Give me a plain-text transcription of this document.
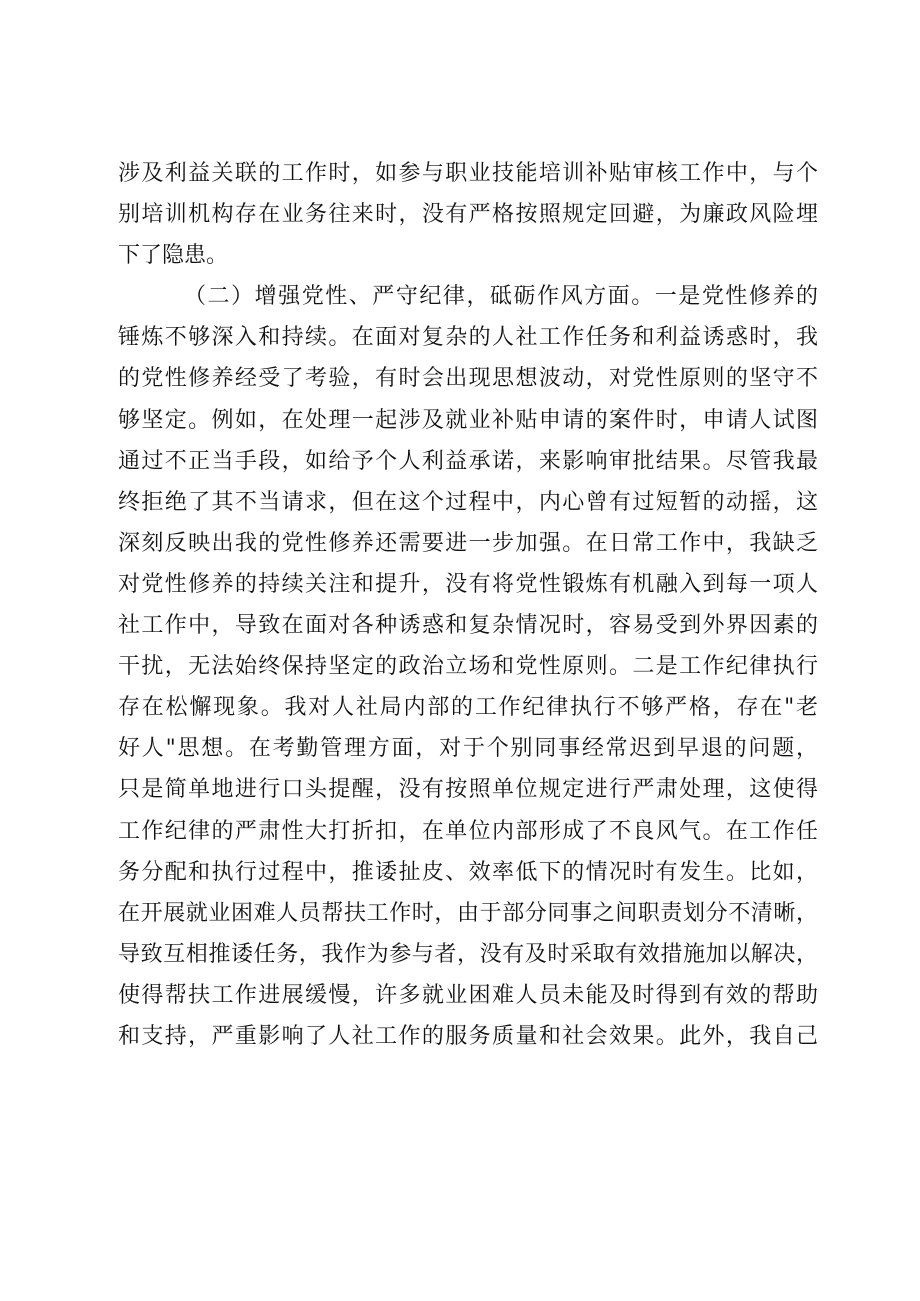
涉及利益关联的工作时，如参与职业技能培训补贴审核工作中，与个
别培训机构存在业务往来时，没有严格按照规定回避，为廉政风险埋
下了隐患。
（二）增强党性、严守纪律，砥砺作风方面。一是党性修养的
锤炼不够深入和持续。在面对复杂的人社工作任务和利益诱惑时，我
的党性修养经受了考验，有时会出现思想波动，对党性原则的坚守不
够坚定。例如，在处理一起涉及就业补贴申请的案件时，申请人试图
通过不正当手段，如给予个人利益承诺，来影响审批结果。尽管我最
终拒绝了其不当请求，但在这个过程中，内心曾有过短暂的动摇，这
深刻反映出我的党性修养还需要进一步加强。在日常工作中，我缺乏
对党性修养的持续关注和提升，没有将党性锻炼有机融入到每一项人
社工作中，导致在面对各种诱惑和复杂情况时，容易受到外界因素的
干扰，无法始终保持坚定的政治立场和党性原则。二是工作纪律执行
存在松懈现象。我对人社局内部的工作纪律执行不够严格，存在"老
好人"思想。在考勤管理方面，对于个别同事经常迟到早退的问题，
只是简单地进行口头提醒，没有按照单位规定进行严肃处理，这使得
工作纪律的严肃性大打折扣，在单位内部形成了不良风气。在工作任
务分配和执行过程中，推诿扯皮、效率低下的情况时有发生。比如，
在开展就业困难人员帮扶工作时，由于部分同事之间职责划分不清晰，
导致互相推诿任务，我作为参与者，没有及时采取有效措施加以解决，
使得帮扶工作进展缓慢，许多就业困难人员未能及时得到有效的帮助
和支持，严重影响了人社工作的服务质量和社会效果。此外，我自己
